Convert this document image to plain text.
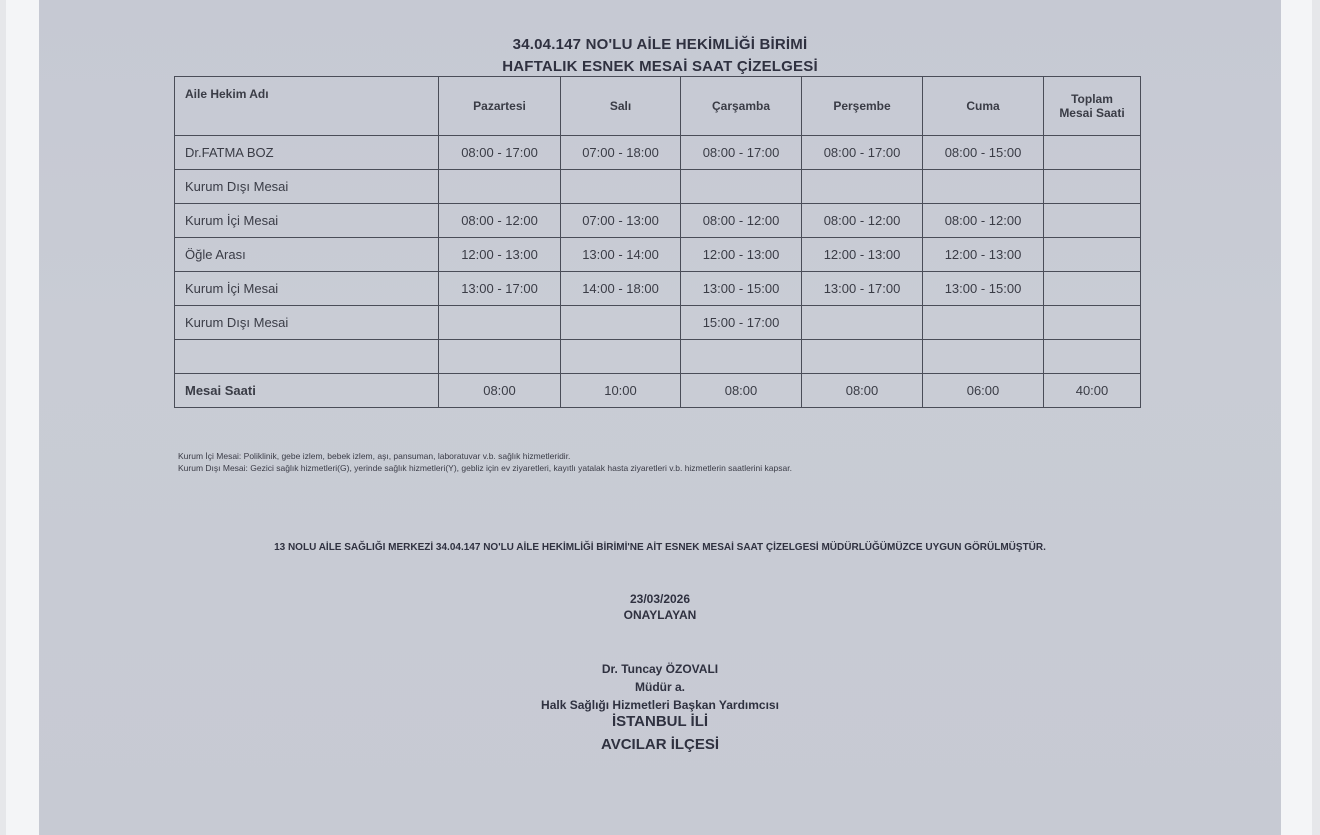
34.04.147 NO'LU AİLE HEKİMLİĞİ BİRİMİ
HAFTALIK ESNEK MESAİ SAAT ÇİZELGESİ
Aile Hekim Adı	Pazartesi	Salı	Çarşamba	Perşembe	Cuma	Toplam Mesai Saati
Dr.FATMA BOZ	08:00 - 17:00	07:00 - 18:00	08:00 - 17:00	08:00 - 17:00	08:00 - 15:00	
Kurum Dışı Mesai						
Kurum İçi Mesai	08:00 - 12:00	07:00 - 13:00	08:00 - 12:00	08:00 - 12:00	08:00 - 12:00	
Öğle Arası	12:00 - 13:00	13:00 - 14:00	12:00 - 13:00	12:00 - 13:00	12:00 - 13:00	
Kurum İçi Mesai	13:00 - 17:00	14:00 - 18:00	13:00 - 15:00	13:00 - 17:00	13:00 - 15:00	
Kurum Dışı Mesai			15:00 - 17:00			

Mesai Saati	08:00	10:00	08:00	08:00	06:00	40:00
Kurum İçi Mesai: Poliklinik, gebe izlem, bebek izlem, aşı, pansuman, laboratuvar v.b. sağlık hizmetleridir.
Kurum Dışı Mesai: Gezici sağlık hizmetleri(G), yerinde sağlık hizmetleri(Y), gebliz için ev ziyaretleri, kayıtlı yatalak hasta ziyaretleri v.b. hizmetlerin saatlerini kapsar.
13 NOLU AİLE SAĞLIĞI MERKEZİ 34.04.147 NO'LU AİLE HEKİMLİĞİ BİRİMİ'NE AİT ESNEK MESAİ SAAT ÇİZELGESİ MÜDÜRLÜĞÜMÜZCE UYGUN GÖRÜLMÜŞTÜR.
23/03/2026
ONAYLAYAN
Dr. Tuncay ÖZOVALI
Müdür a.
Halk Sağlığı Hizmetleri Başkan Yardımcısı
İSTANBUL İLİ
AVCILAR İLÇESİ
